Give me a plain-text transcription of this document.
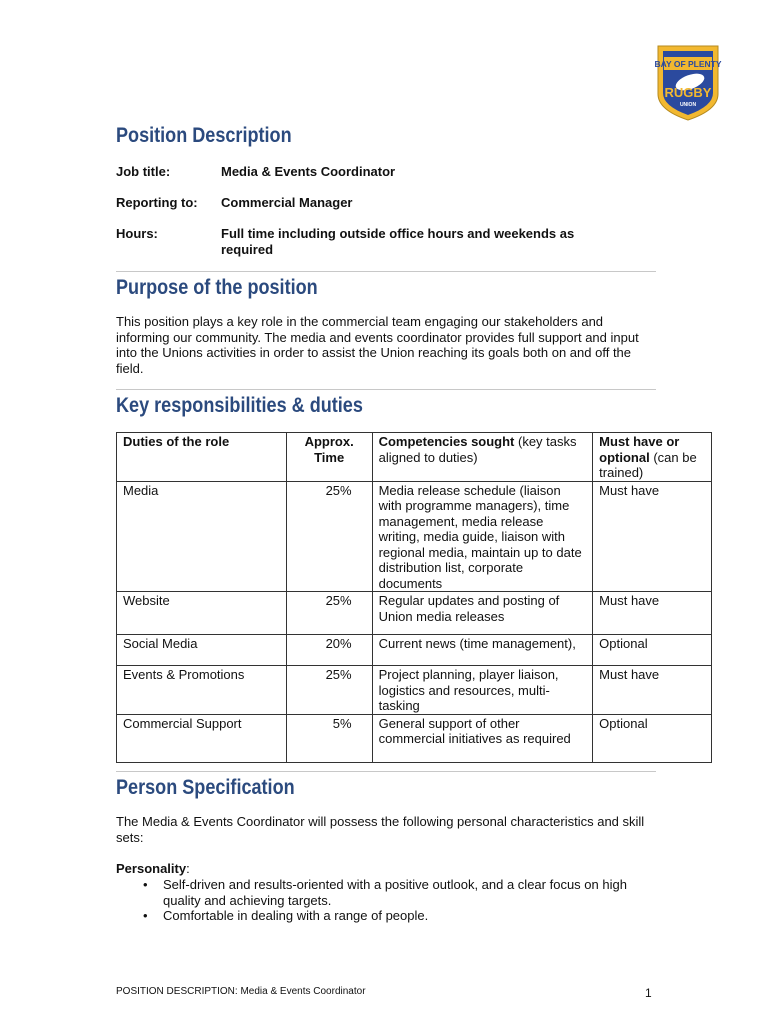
BAY OF PLENTY
RUGBY
UNION
Position Description
Job title:	Media & Events Coordinator
Reporting to: Commercial Manager
Hours:	Full time including outside office hours and weekends as required
Purpose of the position
This position plays a key role in the commercial team engaging our stakeholders and informing our community. The media and events coordinator provides full support and input into the Unions activities in order to assist the Union reaching its goals both on and off the field.
Key responsibilities & duties
Duties of the role	Approx. Time	Competencies sought (key tasks aligned to duties)	Must have or optional (can be trained)
Media	25%	Media release schedule (liaison with programme managers), time management, media release writing, media guide, liaison with regional media, maintain up to date distribution list, corporate documents	Must have
Website	25%	Regular updates and posting of Union media releases	Must have
Social Media	20%	Current news (time management),	Optional
Events & Promotions	25%	Project planning, player liaison, logistics and resources, multi-tasking	Must have
Commercial Support	5%	General support of other commercial initiatives as required	Optional
Person Specification
The Media & Events Coordinator will possess the following personal characteristics and skill sets:
Personality:
• Self-driven and results-oriented with a positive outlook, and a clear focus on high quality and achieving targets.
• Comfortable in dealing with a range of people.
POSITION DESCRIPTION: Media & Events Coordinator	1
